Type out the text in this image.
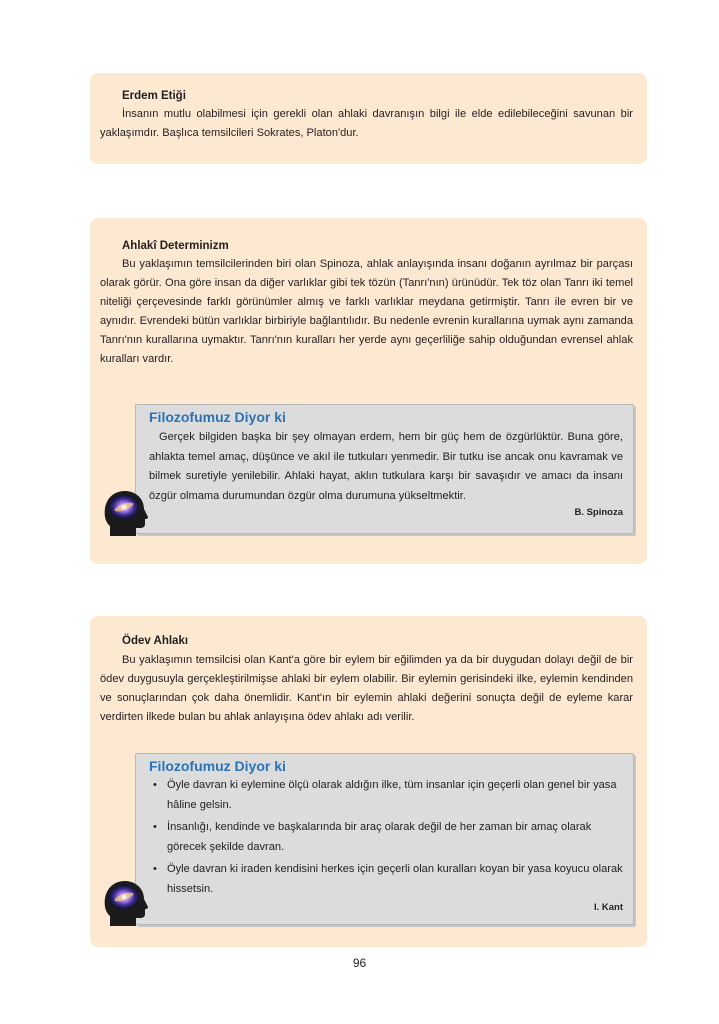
Erdem Etiği

İnsanın mutlu olabilmesi için gerekli olan ahlaki davranışın bilgi ile elde edilebileceğini savunan bir yaklaşımdır. Başlıca temsilcileri Sokrates, Platon'dur.

Ahlakî Determinizm

Bu yaklaşımın temsilcilerinden biri olan Spinoza, ahlak anlayışında insanı doğanın ayrılmaz bir parçası olarak görür. Ona göre insan da diğer varlıklar gibi tek tözün (Tanrı'nın) ürünüdür. Tek töz olan Tanrı iki temel niteliği çerçevesinde farklı görünümler almış ve farklı varlıklar meydana getirmiştir. Tanrı ile evren bir ve aynıdır. Evrendeki bütün varlıklar birbiriyle bağlantılıdır. Bu nedenle evrenin kurallarına uymak aynı zamanda Tanrı'nın kurallarına uymaktır. Tanrı'nın kuralları her yerde aynı geçerliliğe sahip olduğundan evrensel ahlak kuralları vardır.

Filozofumuz Diyor ki

Gerçek bilgiden başka bir şey olmayan erdem, hem bir güç hem de özgürlüktür. Buna göre, ahlakta temel amaç, düşünce ve akıl ile tutkuları yenmedir. Bir tutku ise ancak onu kavramak ve bilmek suretiyle yenilebilir. Ahlaki hayat, aklın tutkulara karşı bir savaşıdır ve amacı da insanı özgür olmama durumundan özgür olma durumuna yükseltmektir.

B. Spinoza
Ödev Ahlakı

Bu yaklaşımın temsilcisi olan Kant'a göre bir eylem bir eğilimden ya da bir duygudan dolayı değil de bir ödev duygusuyla gerçekleştirilmişse ahlaki bir eylem olabilir. Bir eylemin gerisindeki ilke, eylemin kendinden ve sonuçlarından çok daha önemlidir. Kant'ın bir eylemin ahlaki değerini sonuçta değil de eyleme karar verdirten ilkede bulan bu ahlak anlayışına ödev ahlakı adı verilir.

Filozofumuz Diyor ki
• Öyle davran ki eylemine ölçü olarak aldığın ilke, tüm insanlar için geçerli olan genel bir yasa hâline gelsin.
• İnsanlığı, kendinde ve başkalarında bir araç olarak değil de her zaman bir amaç olarak görecek şekilde davran.
• Öyle davran ki iraden kendisini herkes için geçerli olan kuralları koyan bir yasa koyucu olarak hissetsin.
I. Kant
96
